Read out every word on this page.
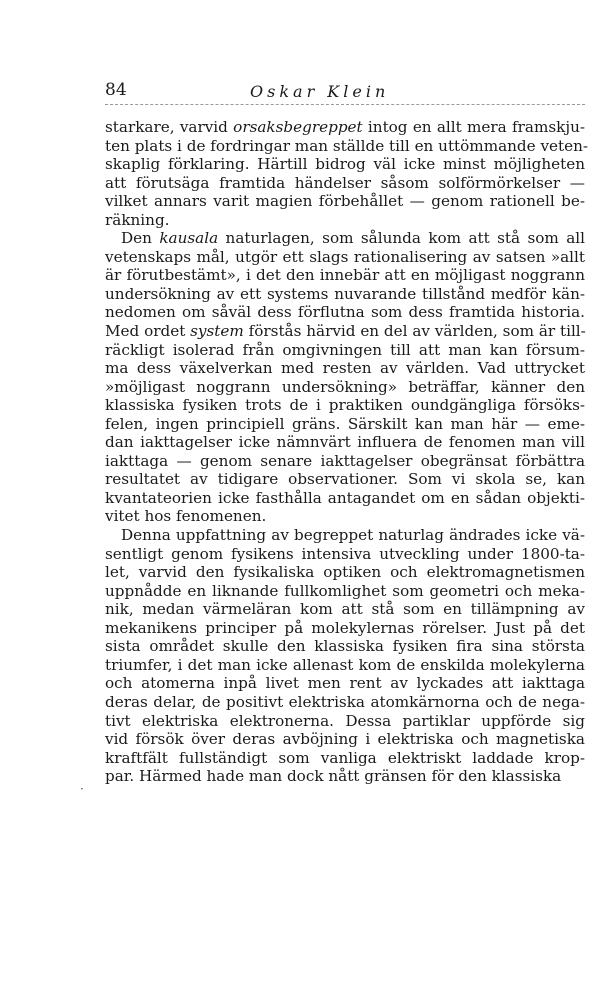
84	Oskar Klein
·
starkare, varvid orsaksbegreppet intog en allt mera framskju-
ten plats i de fordringar man ställde till en uttömmande veten-
skaplig förklaring. Härtill bidrog väl icke minst möjligheten
att förutsäga framtida händelser såsom solförmörkelser —
vilket annars varit magien förbehållet — genom rationell be-
räkning.
Den kausala naturlagen, som sålunda kom att stå som all
vetenskaps mål, utgör ett slags rationalisering av satsen »allt
är förutbestämt», i det den innebär att en möjligast noggrann
undersökning av ett systems nuvarande tillstånd medför kän-
nedomen om såväl dess förflutna som dess framtida historia.
Med ordet system förstås härvid en del av världen, som är till-
räckligt isolerad från omgivningen till att man kan försum-
ma dess växelverkan med resten av världen. Vad uttrycket
»möjligast noggrann undersökning» beträffar, känner den
klassiska fysiken trots de i praktiken oundgängliga försöks-
felen, ingen principiell gräns. Särskilt kan man här — eme-
dan iakttagelser icke nämnvärt influera de fenomen man vill
iakttaga — genom senare iakttagelser obegränsat förbättra
resultatet av tidigare observationer. Som vi skola se, kan
kvantateorien icke fasthålla antagandet om en sådan objekti-
vitet hos fenomenen.
Denna uppfattning av begreppet naturlag ändrades icke vä-
sentligt genom fysikens intensiva utveckling under 1800-ta-
let, varvid den fysikaliska optiken och elektromagnetismen
uppnådde en liknande fullkomlighet som geometri och meka-
nik, medan värmeläran kom att stå som en tillämpning av
mekanikens principer på molekylernas rörelser. Just på det
sista området skulle den klassiska fysiken fira sina största
triumfer, i det man icke allenast kom de enskilda molekylerna
och atomerna inpå livet men rent av lyckades att iakttaga
deras delar, de positivt elektriska atomkärnorna och de nega-
tivt elektriska elektronerna. Dessa partiklar uppförde sig
vid försök över deras avböjning i elektriska och magnetiska
kraftfält fullständigt som vanliga elektriskt laddade krop-
par. Härmed hade man dock nått gränsen för den klassiska
